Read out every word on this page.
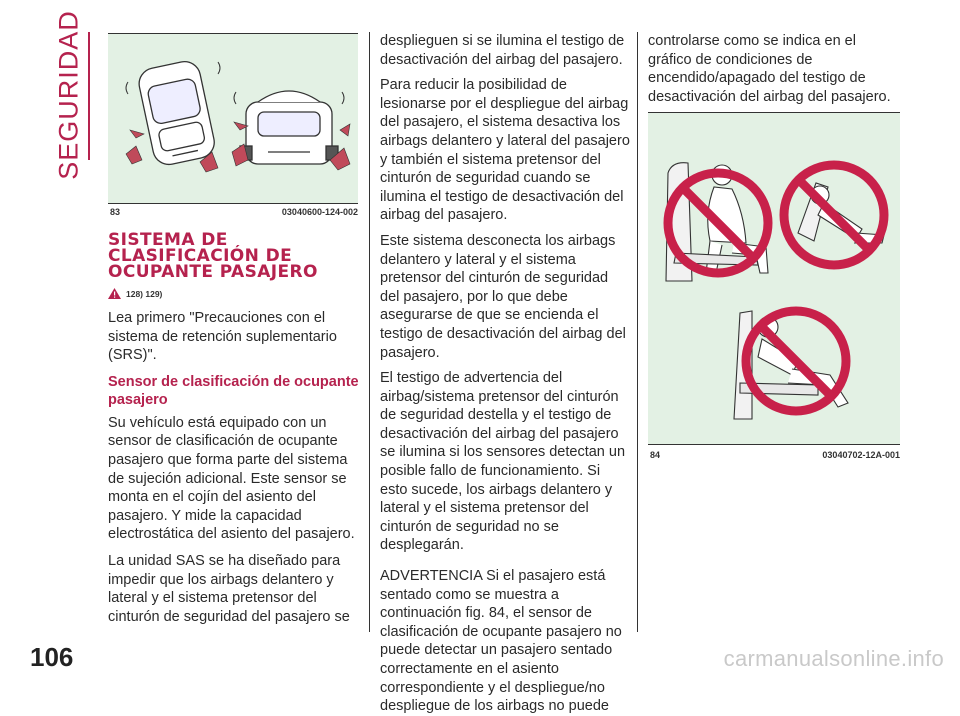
SEGURIDAD
83	03040600-124-002
SISTEMA DE CLASIFICACIÓN DE OCUPANTE PASAJERO
128) 129)

Lea primero "Precauciones con el sistema de retención suplementario (SRS)".

Sensor de clasificación de ocupante pasajero

Su vehículo está equipado con un sensor de clasificación de ocupante pasajero que forma parte del sistema de sujeción adicional. Este sensor se monta en el cojín del asiento del pasajero. Y mide la capacidad electrostática del asiento del pasajero.

La unidad SAS se ha diseñado para impedir que los airbags delantero y lateral y el sistema pretensor del cinturón de seguridad del pasajero se

desplieguen si se ilumina el testigo de desactivación del airbag del pasajero.

Para reducir la posibilidad de lesionarse por el despliegue del airbag del pasajero, el sistema desactiva los airbags delantero y lateral del pasajero y también el sistema pretensor del cinturón de seguridad cuando se ilumina el testigo de desactivación del airbag del pasajero.

Este sistema desconecta los airbags delantero y lateral y el sistema pretensor del cinturón de seguridad del pasajero, por lo que debe asegurarse de que se encienda el testigo de desactivación del airbag del pasajero.

El testigo de advertencia del airbag/sistema pretensor del cinturón de seguridad destella y el testigo de desactivación del airbag del pasajero se ilumina si los sensores detectan un posible fallo de funcionamiento. Si esto sucede, los airbags delantero y lateral y el sistema pretensor del cinturón de seguridad no se desplegarán.

ADVERTENCIA Si el pasajero está sentado como se muestra a continuación fig. 84, el sensor de clasificación de ocupante pasajero no puede detectar un pasajero sentado correctamente en el asiento correspondiente y el despliegue/no despliegue de los airbags no puede

controlarse como se indica en el gráfico de condiciones de encendido/apagado del testigo de desactivación del airbag del pasajero.

84	03040702-12A-001
106	carmanualsonline.info
